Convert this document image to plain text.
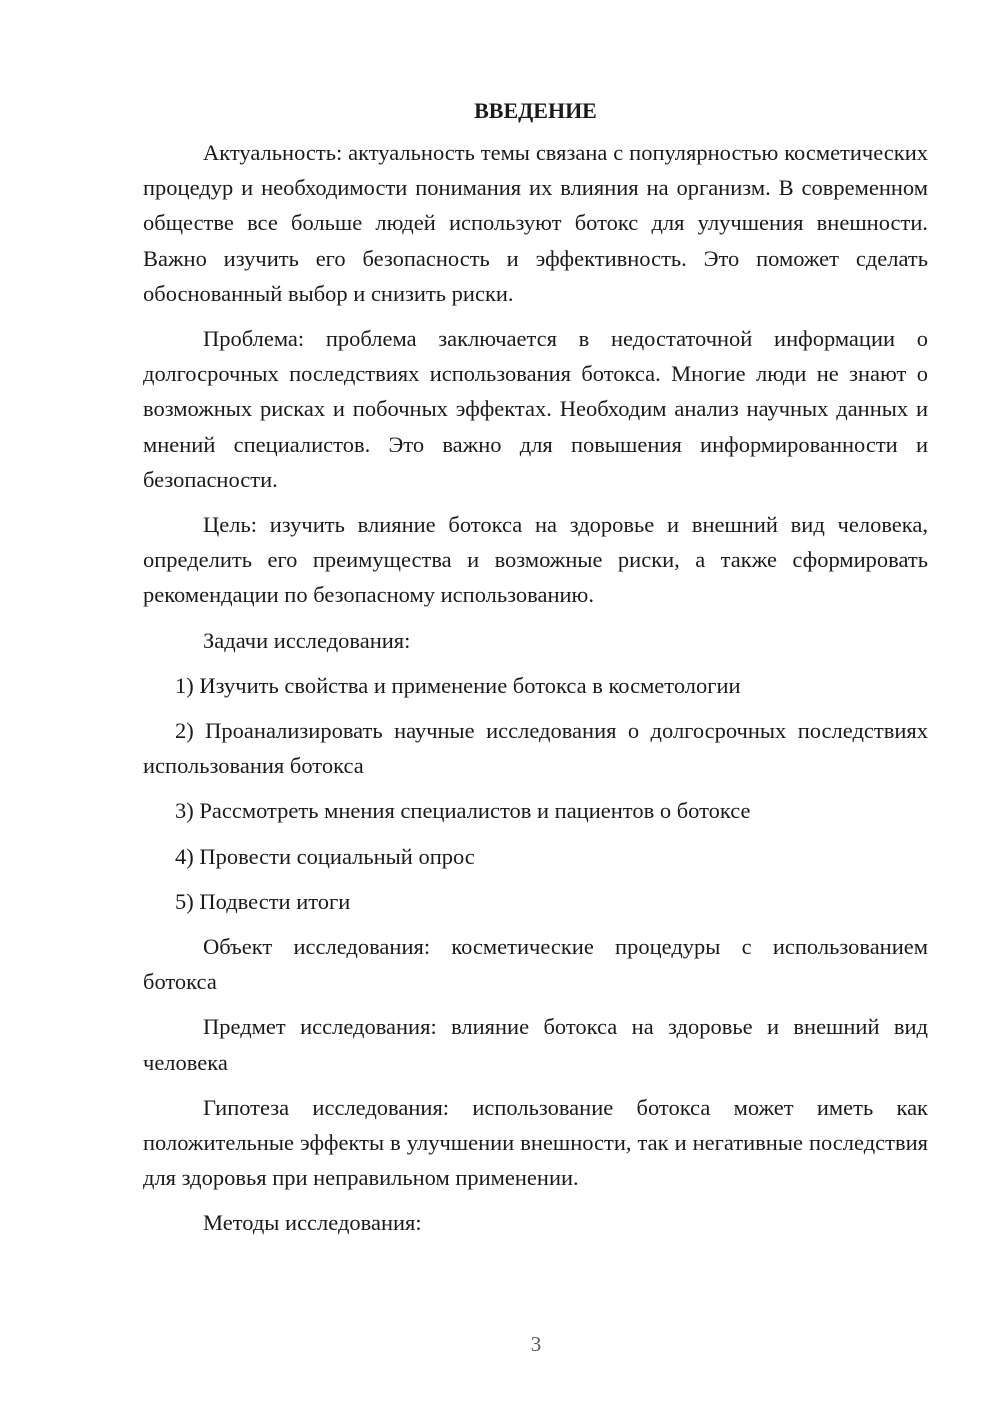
ВВЕДЕНИЕ

Актуальность: актуальность темы связана с популярностью косметических процедур и необходимости понимания их влияния на организм. В современном обществе все больше людей используют ботокс для улучшения внешности. Важно изучить его безопасность и эффективность. Это поможет сделать обоснованный выбор и снизить риски.

Проблема: проблема заключается в недостаточной информации о долгосрочных последствиях использования ботокса. Многие люди не знают о возможных рисках и побочных эффектах. Необходим анализ научных данных и мнений специалистов. Это важно для повышения информированности и безопасности.

Цель: изучить влияние ботокса на здоровье и внешний вид человека, определить его преимущества и возможные риски, а также сформировать рекомендации по безопасному использованию.

Задачи исследования:

1) Изучить свойства и применение ботокса в косметологии

2) Проанализировать научные исследования о долгосрочных последствиях использования ботокса

3) Рассмотреть мнения специалистов и пациентов о ботоксе

4) Провести социальный опрос

5) Подвести итоги

Объект исследования: косметические процедуры с использованием ботокса

Предмет исследования: влияние ботокса на здоровье и внешний вид человека

Гипотеза исследования: использование ботокса может иметь как положительные эффекты в улучшении внешности, так и негативные последствия для здоровья при неправильном применении.

Методы исследования:

3
